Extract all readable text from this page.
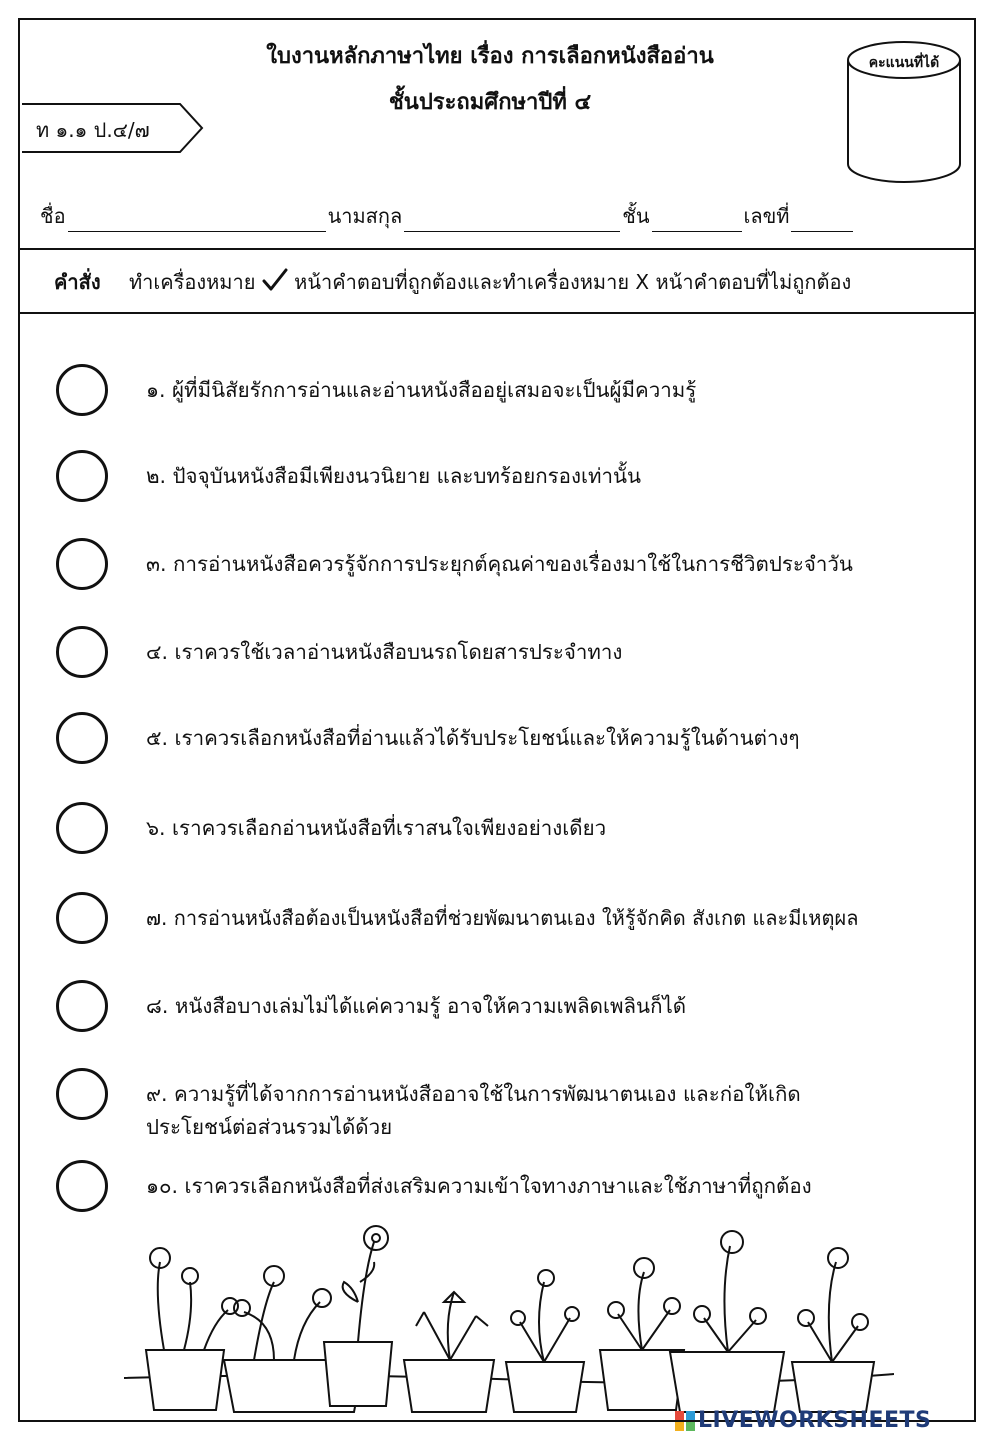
ใบงานหลักภาษาไทย เรื่อง การเลือกหนังสืออ่าน
ชั้นประถมศึกษาปีที่ ๔
คะแนนที่ได้
ท ๑.๑ ป.๔/๗
ชื่อ	นามสกุล	ชั้น	เลขที่
คำสั่ง ทำเครื่องหมาย หน้าคำตอบที่ถูกต้องและทำเครื่องหมาย X หน้าคำตอบที่ไม่ถูกต้อง
๑. ผู้ที่มีนิสัยรักการอ่านและอ่านหนังสืออยู่เสมอจะเป็นผู้มีความรู้
๒. ปัจจุบันหนังสือมีเพียงนวนิยาย และบทร้อยกรองเท่านั้น
๓. การอ่านหนังสือควรรู้จักการประยุกต์คุณค่าของเรื่องมาใช้ในการชีวิตประจำวัน
๔. เราควรใช้เวลาอ่านหนังสือบนรถโดยสารประจำทาง
๕. เราควรเลือกหนังสือที่อ่านแล้วได้รับประโยชน์และให้ความรู้ในด้านต่างๆ
๖. เราควรเลือกอ่านหนังสือที่เราสนใจเพียงอย่างเดียว
๗. การอ่านหนังสือต้องเป็นหนังสือที่ช่วยพัฒนาตนเอง ให้รู้จักคิด สังเกต และมีเหตุผล
๘. หนังสือบางเล่มไม่ได้แค่ความรู้ อาจให้ความเพลิดเพลินก็ได้
๙. ความรู้ที่ได้จากการอ่านหนังสืออาจใช้ในการพัฒนาตนเอง และก่อให้เกิด
ประโยชน์ต่อส่วนรวมได้ด้วย
๑๐. เราควรเลือกหนังสือที่ส่งเสริมความเข้าใจทางภาษาและใช้ภาษาที่ถูกต้อง
LIVEWORKSHEETS
